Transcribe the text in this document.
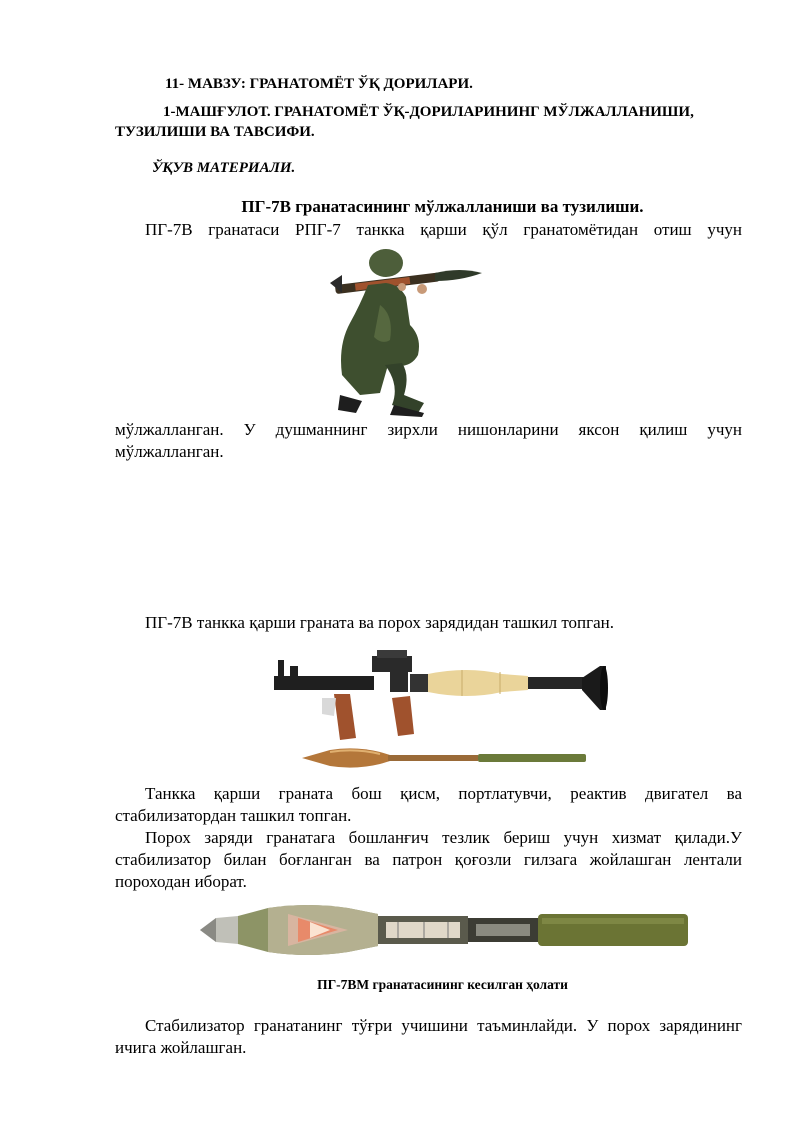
11- МАВЗУ: ГРАНАТОМЁТ ЎҚ ДОРИЛАРИ.
1-МАШҒУЛОТ. ГРАНАТОМЁТ ЎҚ-ДОРИЛАРИНИНГ МЎЛЖАЛЛАНИШИ,
ТУЗИЛИШИ ВА ТАВСИФИ.
ЎҚУВ МАТЕРИАЛИ.
ПГ-7В гранатасининг мўлжалланиши ва тузилиши.
ПГ-7В гранатаси РПГ-7 танкка қарши қўл гранатомётидан отиш учун
мўлжалланган. У душманнинг зирхли нишонларини яксон қилиш учун мўлжалланган.
ПГ-7В танкка қарши граната ва порох зарядидан ташкил топган.
Танкка қарши граната бош қисм, портлатувчи, реактив двигател ва стабилизатордан ташкил топган.
Порох заряди гранатага бошланғич тезлик бериш учун хизмат қилади.У стабилизатор билан боғланган ва патрон қоғозли гилзага жойлашган лентали пороходан иборат.
ПГ-7ВМ гранатасининг кесилган ҳолати
Стабилизатор гранатанинг тўғри учишини таъминлайди. У порох зарядининг ичига жойлашган.
